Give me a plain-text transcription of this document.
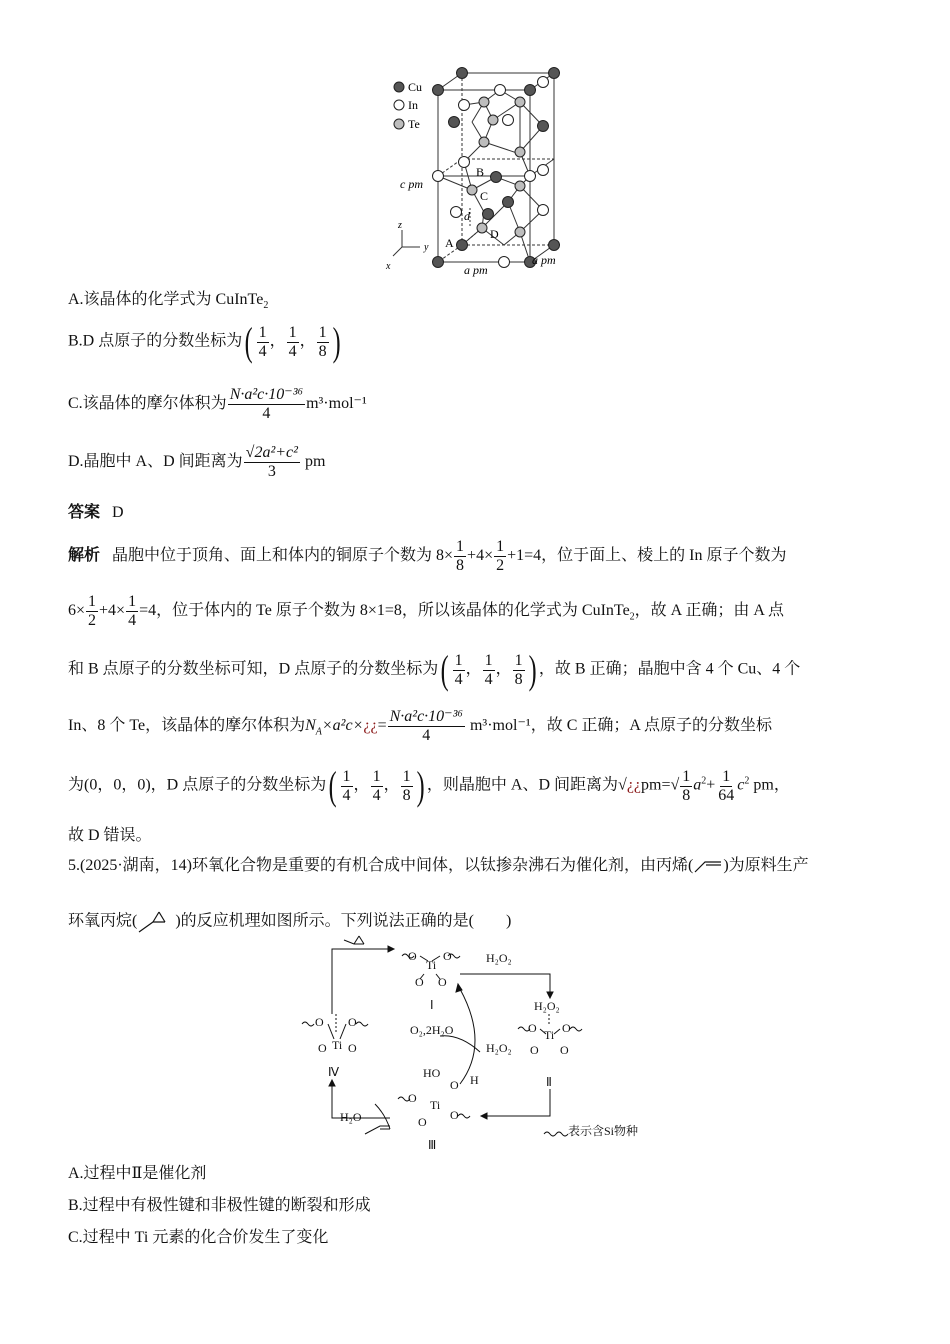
Cu
In
Te
c pm
A
B
C
D
d
a pm
a pm
z
y
x
A.该晶体的化学式为 CuInTe$_2$
B.D 点原子的分数坐标为( $\frac{1}{4}$ ， $\frac{1}{4}$ ， $\frac{1}{8}$ )
C.该晶体的摩尔体积为 $\frac{\text{N·a²c·10⁻³⁶}}{4} m^3\cdot mol^{-1}$
D.晶胞中 A、D 间距离为 $\frac{\text{√2a²+c²}}{3}$ pm
答案 D
解析 晶胞中位于顶角、面上和体内的铜原子个数为 $8\times \frac{1}{8} +4\times \frac{1}{2} +1=4$，位于面上、棱上的 In 原子个数为
$6\times \frac{1}{2} +4\times \frac{1}{4} =4$，位于体内的 Te 原子个数为 8×1=8，所以该晶体的化学式为 CuInTe$_2$，故 A 正确；由 A 点
和 B 点原子的分数坐标可知，D 点原子的分数坐标为( $\frac{1}{4}$ ， $\frac{1}{4}$ ， $\frac{1}{8}$ ) ，故 B 正确；晶胞中含 4 个 Cu、4 个
In、8 个 Te，该晶体的摩尔体积为$N_A\times a^2c\times¿¿= \frac{\text{N·a²c·10⁻³⁶}}{4} m^3\cdot mol^{-1}$，故 C 正确；A 点原子的分数坐标
为(0，0，0)，D 点原子的分数坐标为( $\frac{1}{4}$ ， $\frac{1}{4}$ ， $\frac{1}{8}$ ) ，则晶胞中 A、D 间距离为√¿¿pm=√ $\frac{1}{8} a^2+ \frac{1}{64} c^2$ pm，
故 D 错误。
5.(2025·湖南，14)环氧化合物是重要的有机合成中间体，以钛掺杂沸石为催化剂，由丙烯( )为原料生产
环氧丙烷( )的反应机理如图所示。下列说法正确的是(　　)
Ti
O O
O O
Ⅰ
H₂O₂
H₂O₂
Ti
O O
O O
Ⅱ
O₂,2H₂O
H₂O₂
HO H
O
Ti
O
O
O
Ⅲ
Ti
O O
O O
Ⅳ
H₂O
表示含Si物种
A.过程中Ⅱ是催化剂
B.过程中有极性键和非极性键的断裂和形成
C.过程中 Ti 元素的化合价发生了变化
